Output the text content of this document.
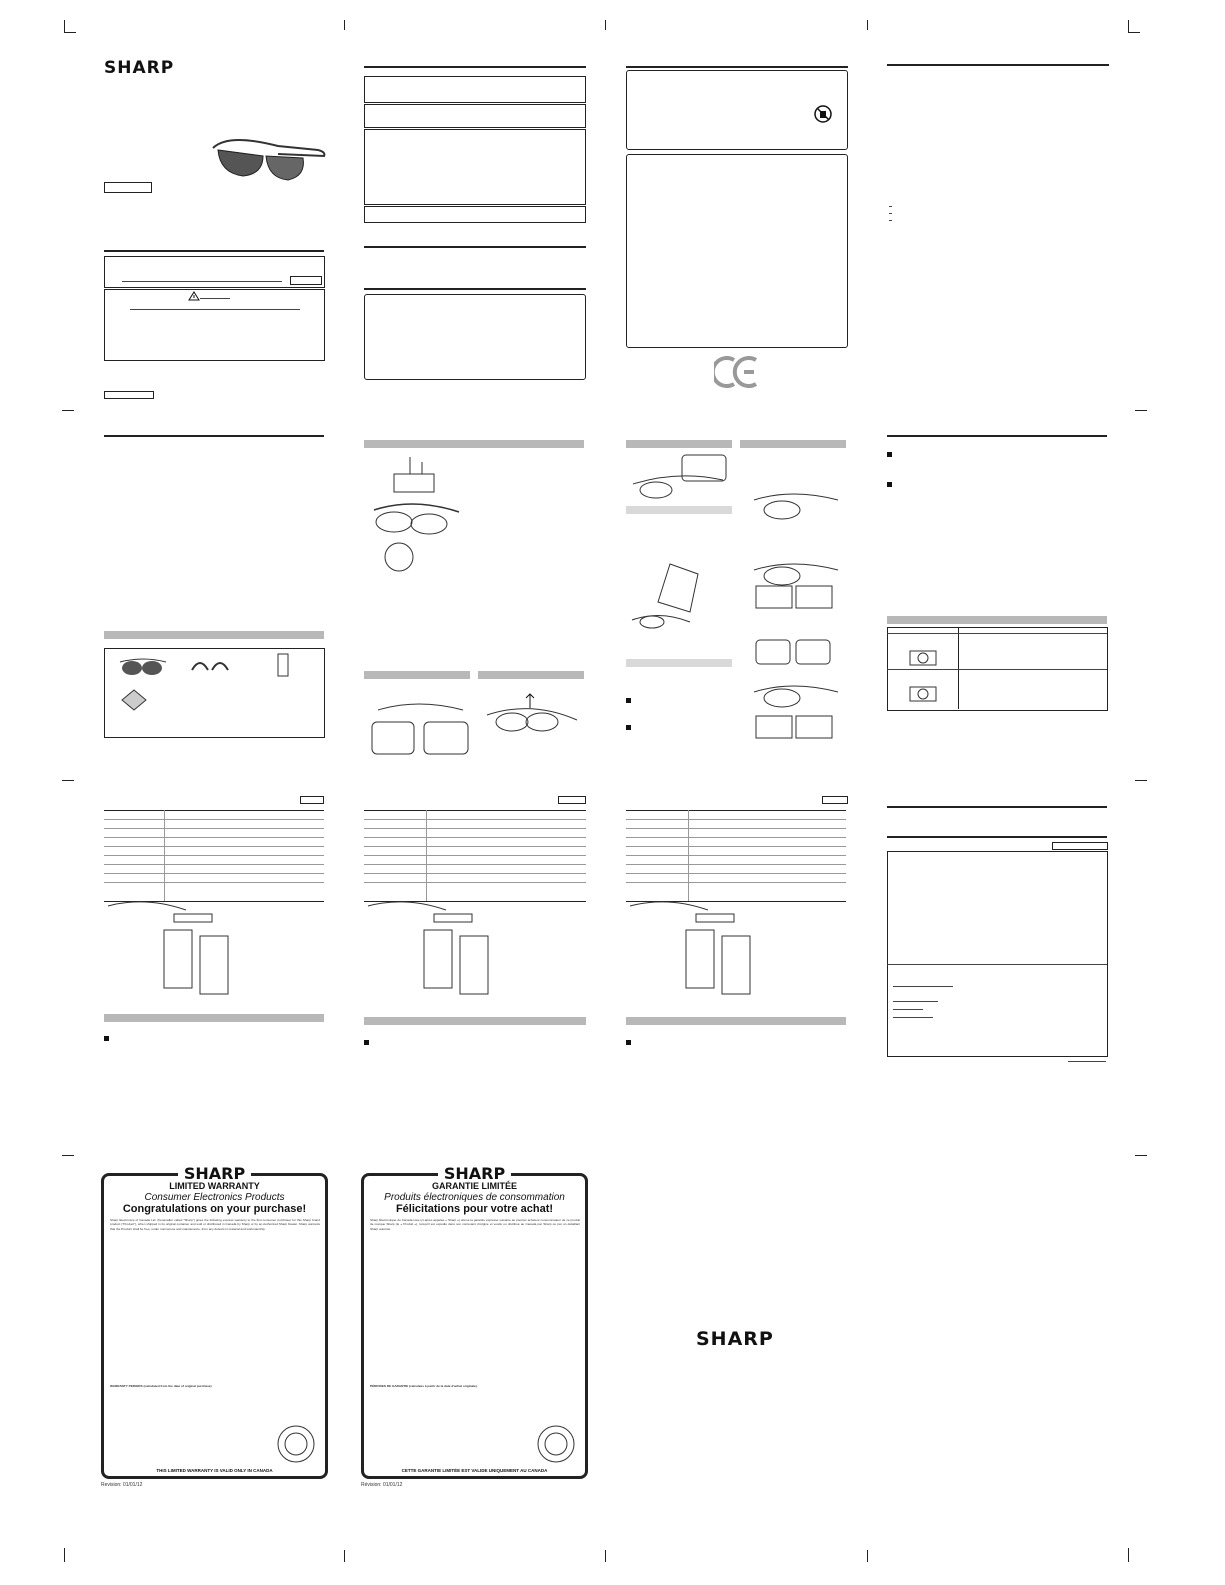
SHARP

SHARP
LIMITED WARRANTY
Consumer Electronics Products
Congratulations on your purchase!
Sharp Electronics of Canada Ltd. (hereinafter called "Sharp") gives the following express warranty to the first consumer purchaser for this Sharp brand product ("Product"), when shipped in its original container and sold or distributed in Canada by Sharp or by an Authorized Sharp Dealer. Sharp warrants that the Product shall be free, under normal use and maintenance, from any defects in material and workmanship.
WARRANTY PERIODS (calculated from the date of original purchase)
THIS LIMITED WARRANTY IS VALID ONLY IN CANADA
Revision: 01/01/12
SHARP
GARANTIE LIMITÉE
Produits électroniques de consommation
Félicitations pour votre achat!
Sharp Électronique du Canada Ltée (ci-après appelée « Sharp ») donne la garantie expresse suivante au premier acheteur consommateur de ce produit de marque Sharp (le « Produit »), lorsqu'il est expédié dans son contenant d'origine et vendu ou distribué au Canada par Sharp ou par un détaillant Sharp autorisé.
PÉRIODES DE GARANTIE (calculées à partir de la date d'achat originale)
CETTE GARANTIE LIMITÉE EST VALIDE UNIQUEMENT AU CANADA
Révision: 01/01/12
SHARP
